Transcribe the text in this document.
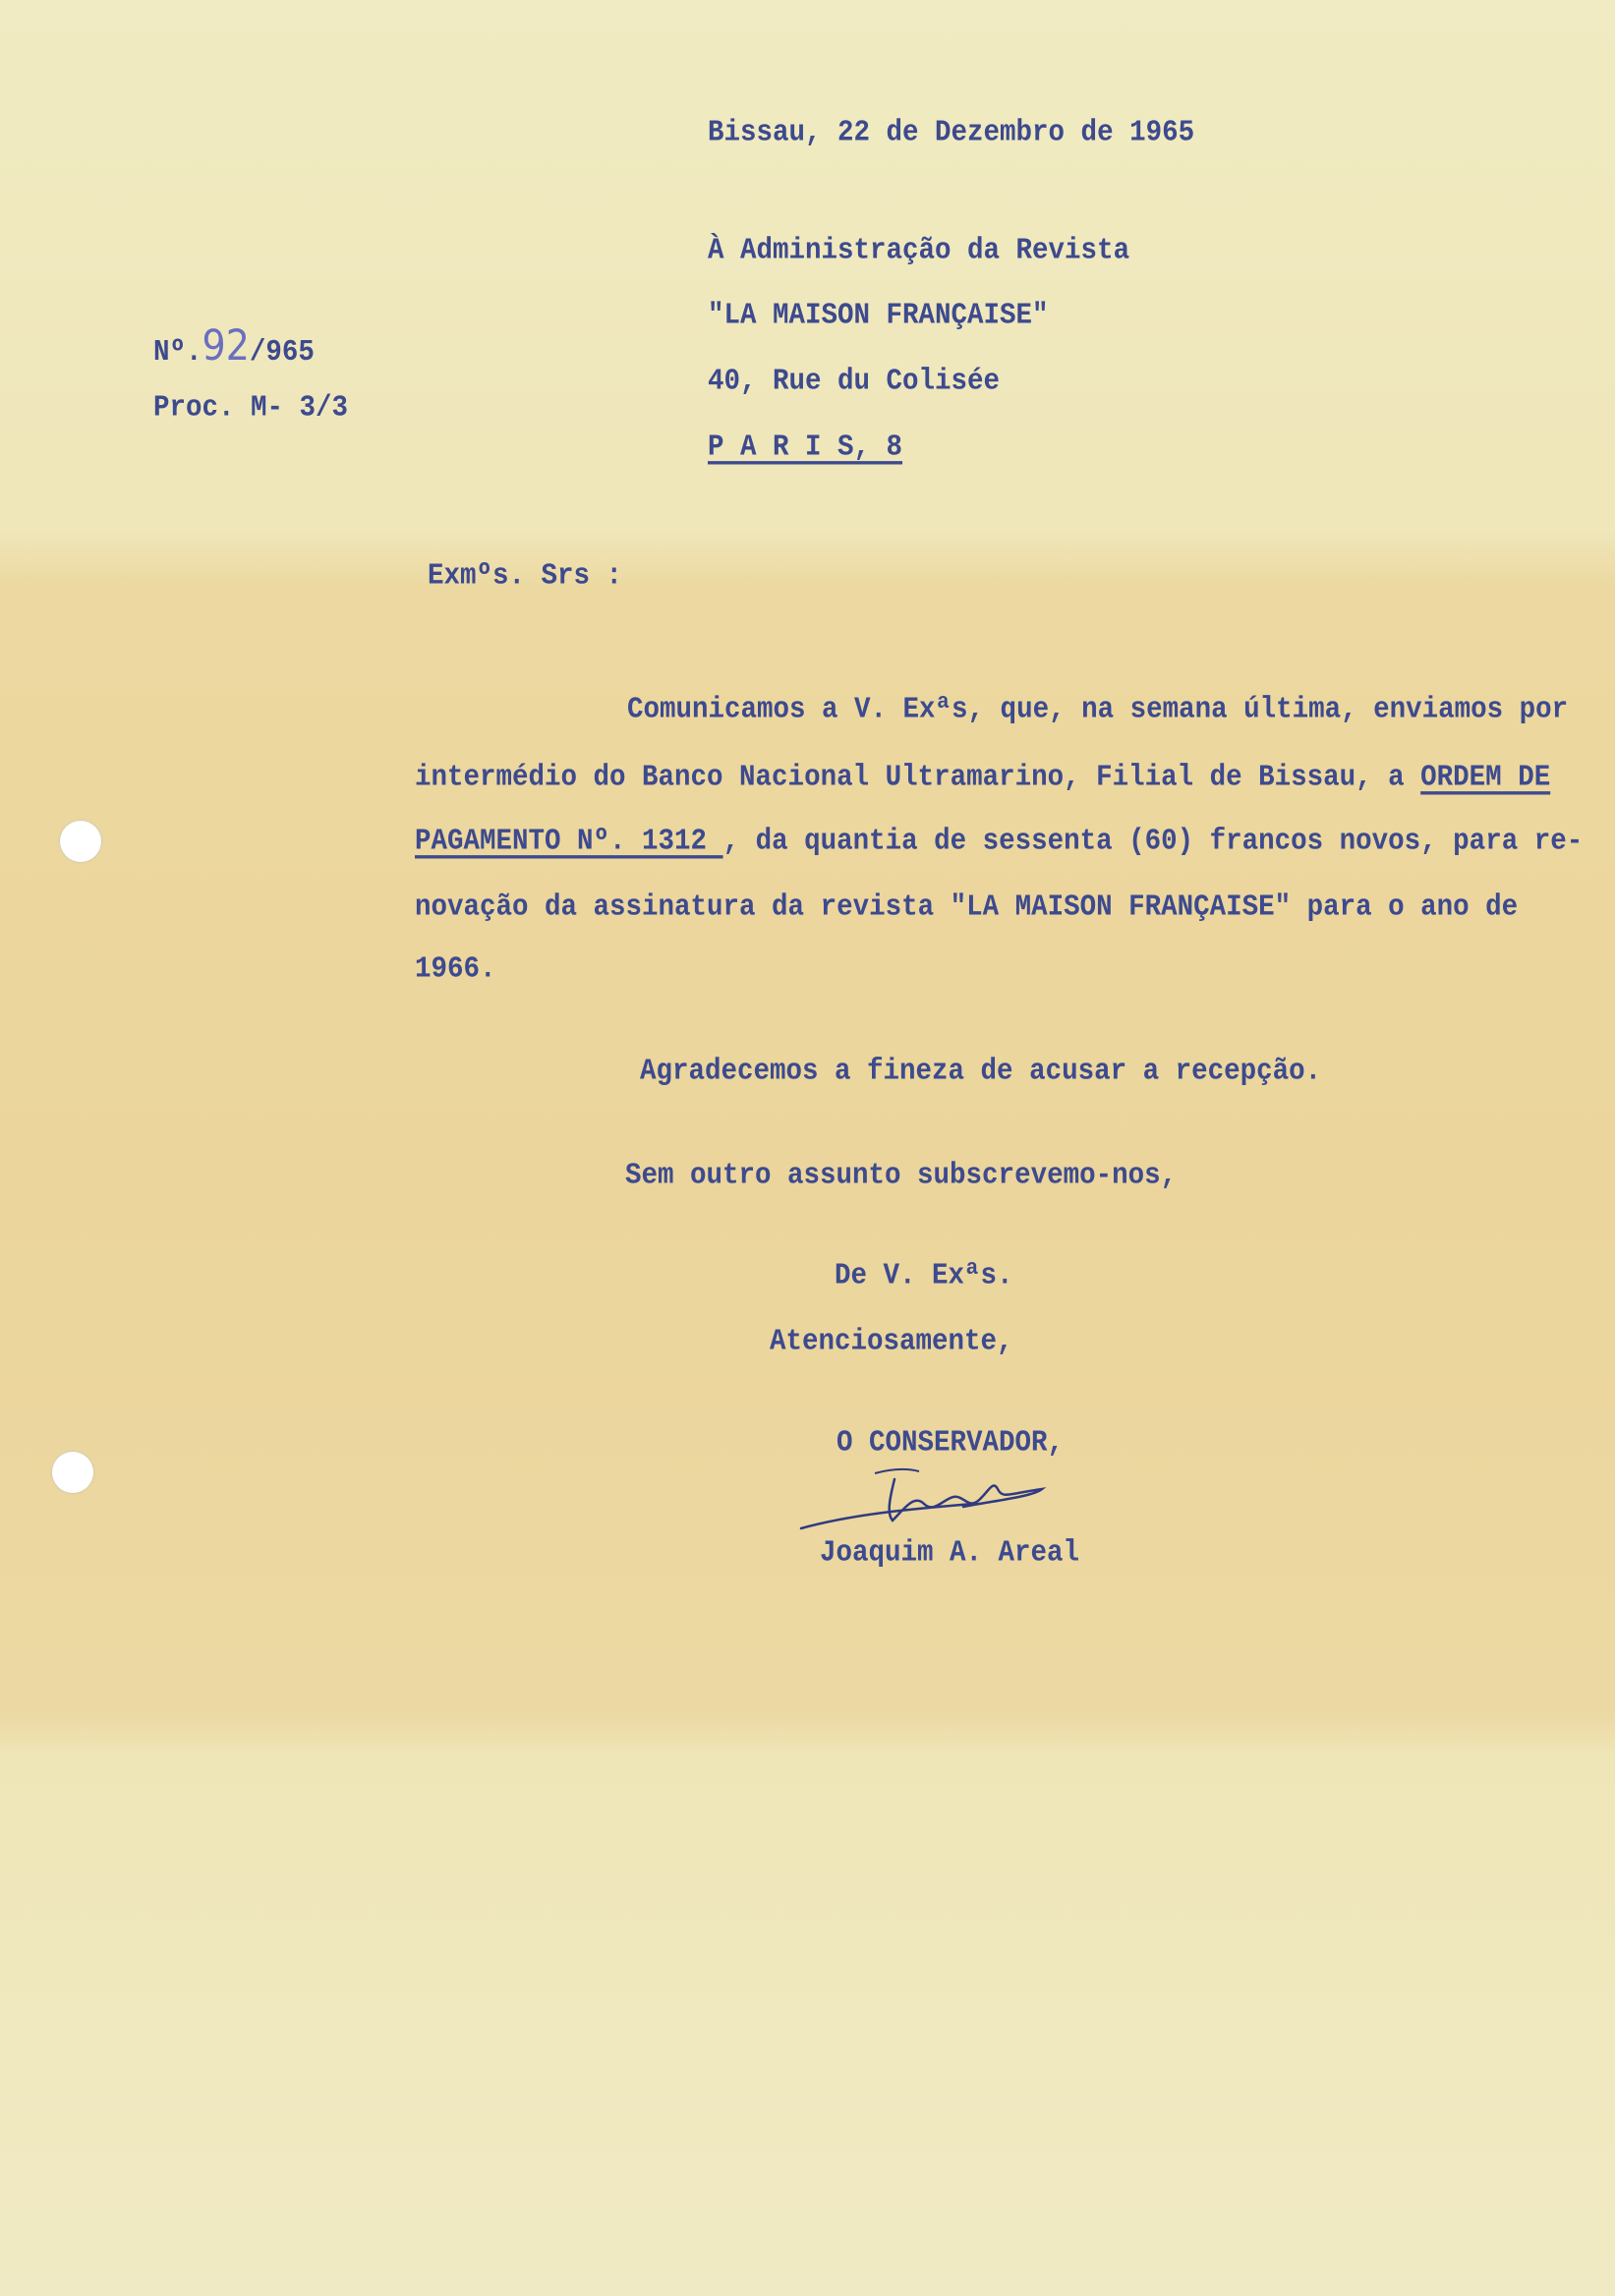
Bissau, 22 de Dezembro de 1965
Nº.92/965
Proc. M- 3/3
À Administração da Revista
"LA MAISON FRANÇAISE"
40, Rue du Colisée
P A R I S, 8
Exmºs. Srs :
Comunicamos a V. Exªs, que, na semana última, enviamos por
intermédio do Banco Nacional Ultramarino, Filial de Bissau, a ORDEM DE
PAGAMENTO Nº. 1312 , da quantia de sessenta (60) francos novos, para re-
novação da assinatura da revista "LA MAISON FRANÇAISE" para o ano de
1966.
Agradecemos a fineza de acusar a recepção.
Sem outro assunto subscrevemo-nos,
De V. Exªs.
Atenciosamente,
O CONSERVADOR,
Joaquim A. Areal
